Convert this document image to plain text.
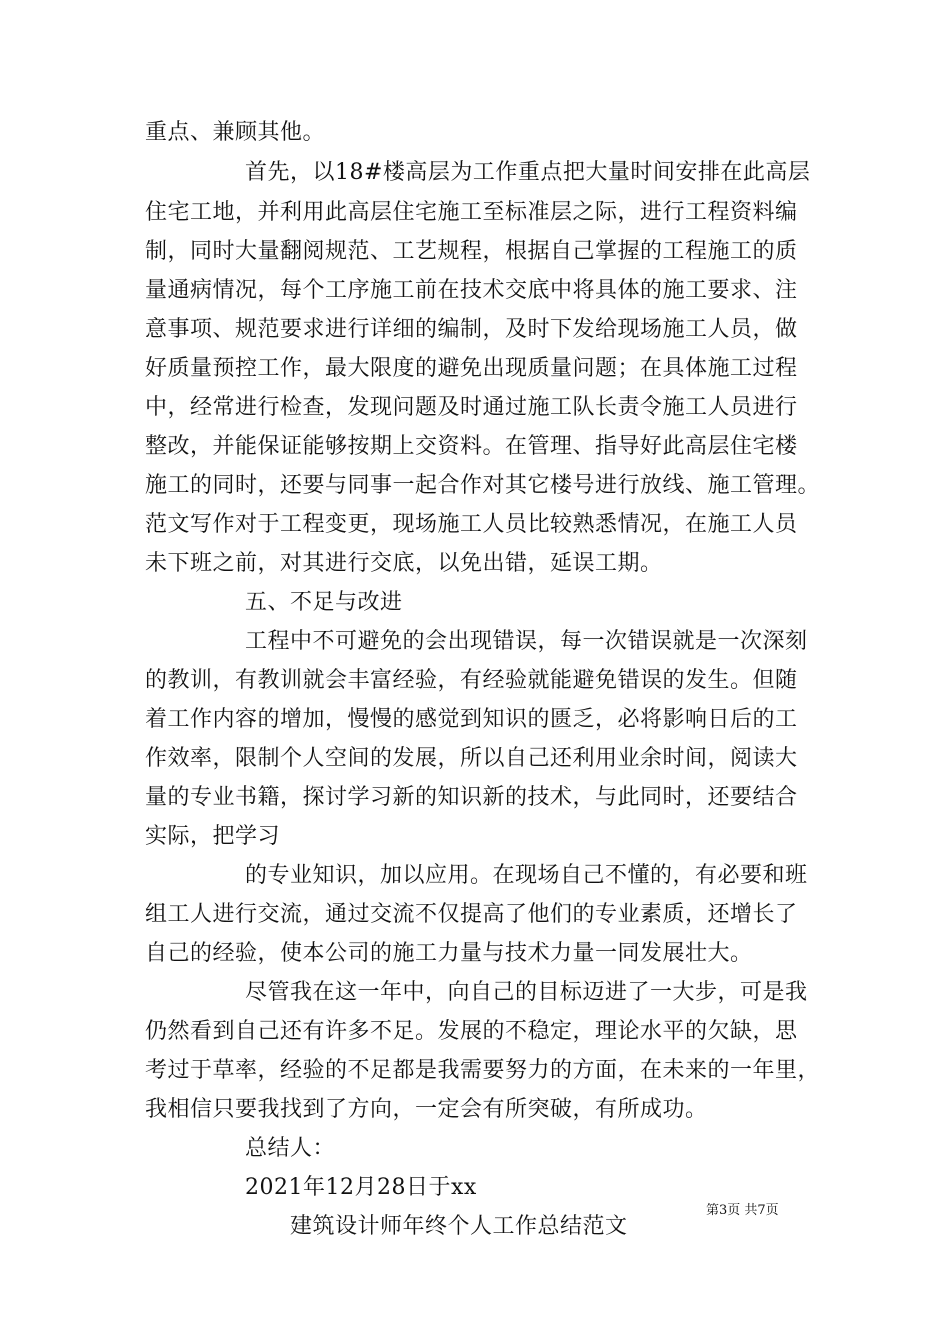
重点、兼顾其他。
首先，以18#楼高层为工作重点把大量时间安排在此高层
住宅工地，并利用此高层住宅施工至标准层之际，进行工程资料编
制，同时大量翻阅规范、工艺规程，根据自己掌握的工程施工的质
量通病情况，每个工序施工前在技术交底中将具体的施工要求、注
意事项、规范要求进行详细的编制，及时下发给现场施工人员，做
好质量预控工作，最大限度的避免出现质量问题；在具体施工过程
中，经常进行检查，发现问题及时通过施工队长责令施工人员进行
整改，并能保证能够按期上交资料。在管理、指导好此高层住宅楼
施工的同时，还要与同事一起合作对其它楼号进行放线、施工管理。
范文写作对于工程变更，现场施工人员比较熟悉情况，在施工人员
未下班之前，对其进行交底，以免出错，延误工期。
五、不足与改进
工程中不可避免的会出现错误，每一次错误就是一次深刻
的教训，有教训就会丰富经验，有经验就能避免错误的发生。但随
着工作内容的增加，慢慢的感觉到知识的匮乏，必将影响日后的工
作效率，限制个人空间的发展，所以自己还利用业余时间，阅读大
量的专业书籍，探讨学习新的知识新的技术，与此同时，还要结合
实际，把学习
的专业知识，加以应用。在现场自己不懂的，有必要和班
组工人进行交流，通过交流不仅提高了他们的专业素质，还增长了
自己的经验，使本公司的施工力量与技术力量一同发展壮大。
尽管我在这一年中，向自己的目标迈进了一大步，可是我
仍然看到自己还有许多不足。发展的不稳定，理论水平的欠缺，思
考过于草率，经验的不足都是我需要努力的方面，在未来的一年里，
我相信只要我找到了方向，一定会有所突破，有所成功。
总结人：
2021年12月28日于xx
建筑设计师年终个人工作总结范文
第3页 共7页
